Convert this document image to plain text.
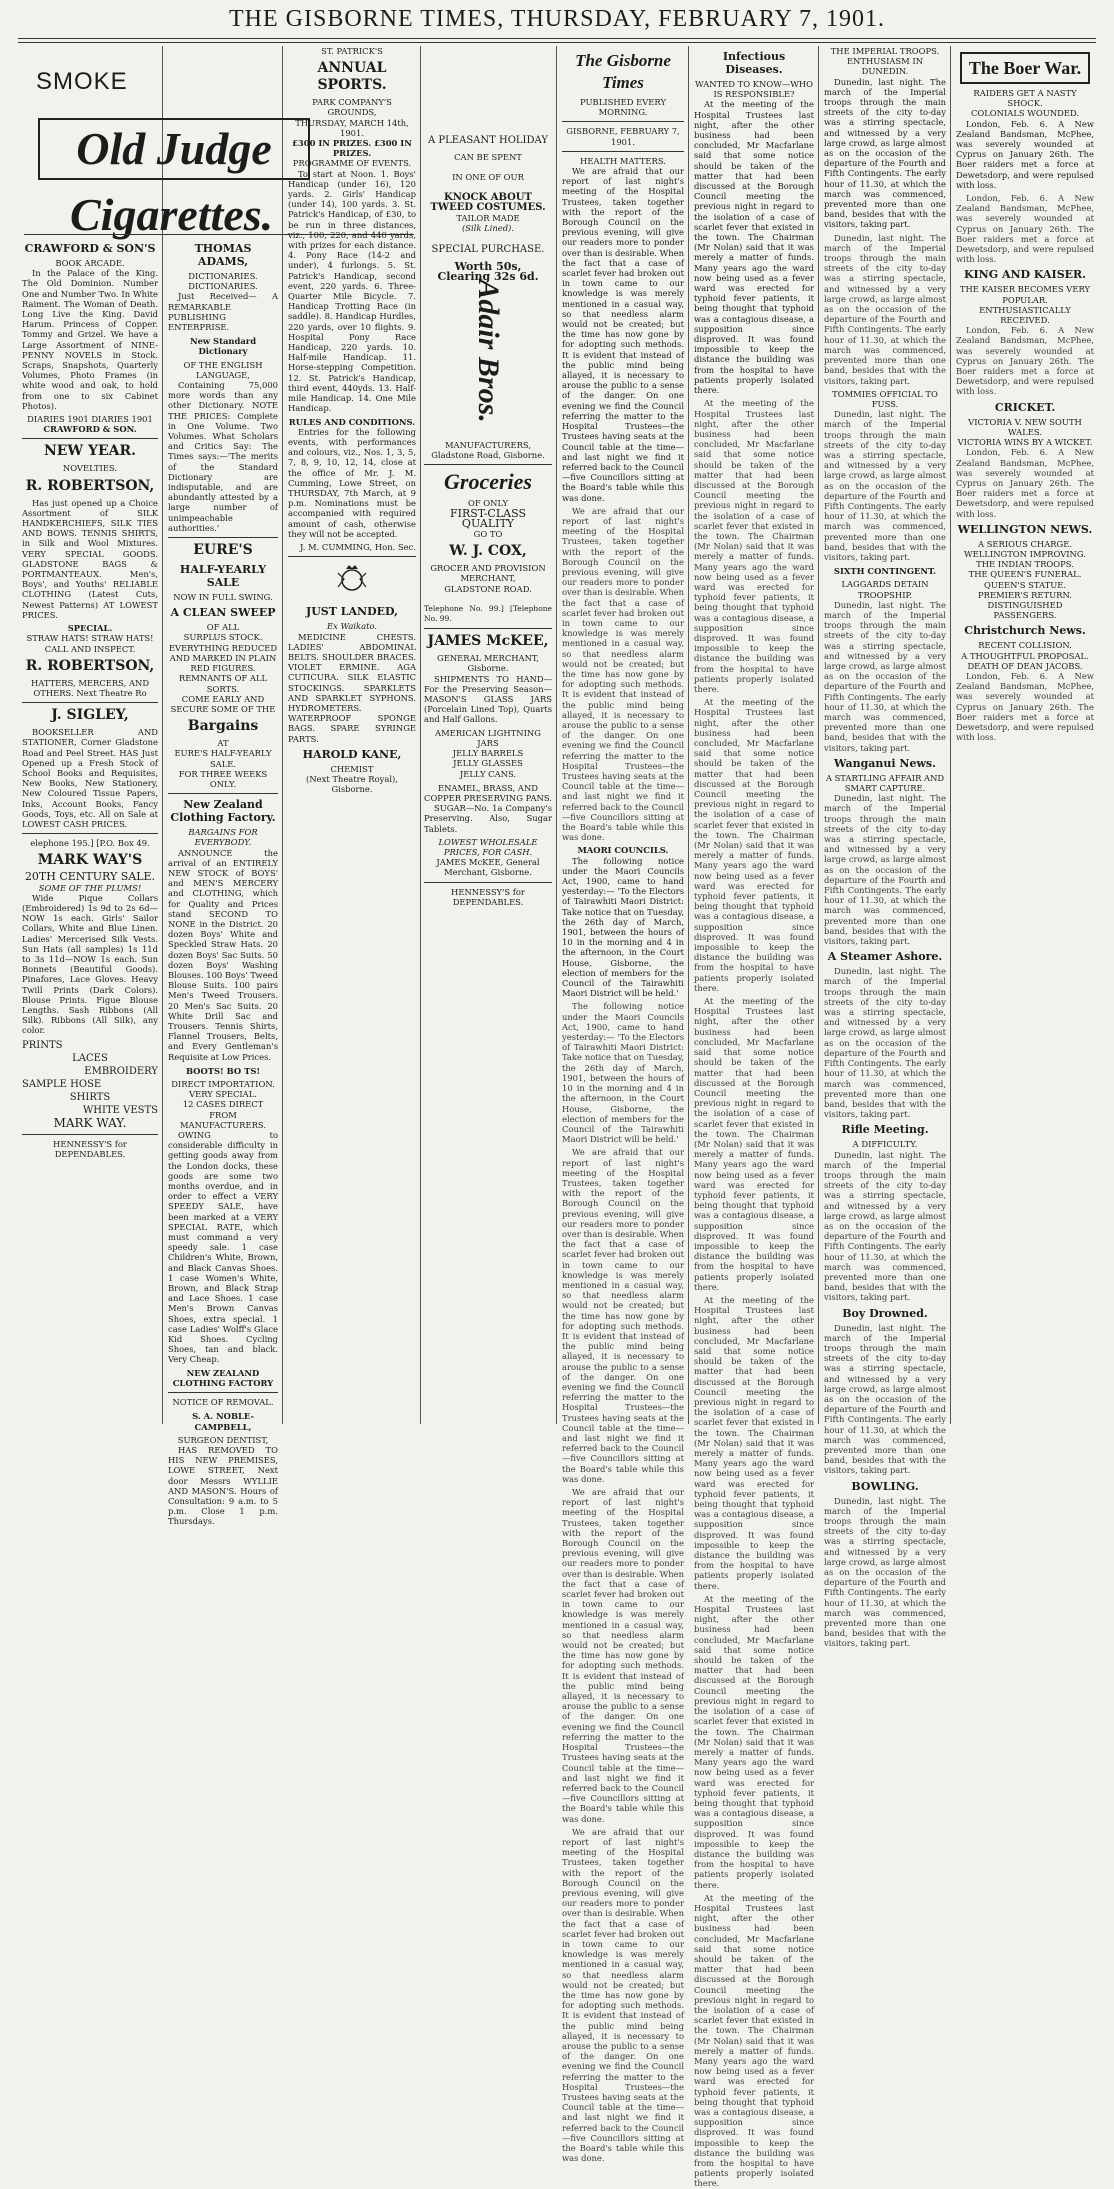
THE GISBORNE TIMES, THURSDAY, FEBRUARY 7, 1901.
SMOKE
Old Judge
Cigarettes.
CRAWFORD & SON'S
BOOK ARCADE.

In the Palace of the King. The Old Dominion. Number One and Number Two. In White Raiment. The Woman of Death. Long Live the King. David Harum. Princess of Copper. Tommy and Grizel. We have a Large Assortment of NINE-PENNY NOVELS in Stock. Scraps, Snapshots, Quarterly Volumes, Photo Frames (in white wood and oak, to hold from one to six Cabinet Photos).

DIARIES 1901 DIARIES 1901
CRAWFORD & SON.
NEW YEAR.
NOVELTIES.
R. ROBERTSON,

Has just opened up a Choice Assortment of SILK HANDKERCHIEFS, SILK TIES AND BOWS. TENNIS SHIRTS, in Silk and Wool Mixtures. VERY SPECIAL GOODS. GLADSTONE BAGS & PORTMANTEAUX. Men's, Boys', and Youths' RELIABLE CLOTHING (Latest Cuts, Newest Patterns) AT LOWEST PRICES.

SPECIAL.
STRAW HATS! STRAW HATS!
CALL AND INSPECT.
R. ROBERTSON,
HATTERS, MERCERS, AND OTHERS. Next Theatre Ro
J. SIGLEY,

BOOKSELLER AND STATIONER, Corner Gladstone Road and Peel Street. HAS Just Opened up a Fresh Stock of School Books and Requisites, New Books, New Stationery, New Coloured Tissue Papers, Inks, Account Books, Fancy Goods, Toys, etc. All on Sale at LOWEST CASH PRICES.

elephone 195.] [P.O. Box 49.
MARK WAY'S
20TH CENTURY SALE.
SOME OF THE PLUMS!

Wide Pique Collars (Embroidered) 1s 9d to 2s 6d—NOW 1s each. Girls' Sailor Collars, White and Blue Linen. Ladies' Mercerised Silk Vests. Sun Hats (all samples) 1s 11d to 3s 11d—NOW 1s each. Sun Bonnets (Beautiful Goods). Pinafores, Lace Gloves. Heavy Twill Prints (Dark Colors). Blouse Prints. Figue Blouse Lengths. Sash Ribbons (All Silk). Ribbons (All Silk), any color.

PRINTS
LACES
EMBROIDERY
SAMPLE HOSE
SHIRTS
WHITE VESTS
MARK WAY.
HENNESSY'S for DEPENDABLES.
THOMAS ADAMS,
DICTIONARIES. DICTIONARIES.

Just Received— A REMARKABLE PUBLISHING ENTERPRISE.

New Standard Dictionary
OF THE ENGLISH LANGUAGE,

Containing 75,000 more words than any other Dictionary. NOTE THE PRICES: Complete in One Volume. Two Volumes. What Scholars and Critics Say: The Times says:—'The merits of the Standard Dictionary are indisputable, and are abundantly attested by a large number of unimpeachable authorities.'

EURE'S
HALF-YEARLY SALE
NOW IN FULL SWING.
A CLEAN SWEEP
OF ALL
SURPLUS STOCK.
EVERYTHING REDUCED AND MARKED IN PLAIN RED FIGURES.
REMNANTS OF ALL SORTS.
COME EARLY AND SECURE SOME OF THE
Bargains
AT
EURE'S HALF-YEARLY SALE.
FOR THREE WEEKS ONLY.
New Zealand Clothing Factory.
BARGAINS FOR EVERYBODY.

ANNOUNCE the arrival of an ENTIRELY NEW STOCK of BOYS' and MEN'S MERCERY and CLOTHING, which for Quality and Prices stand SECOND TO NONE in the District. 20 dozen Boys' White and Speckled Straw Hats. 20 dozen Boys' Sac Suits. 50 dozen Boys' Washing Blouses. 100 Boys' Tweed Blouse Suits. 100 pairs Men's Tweed Trousers. 20 Men's Sac Suits. 20 White Drill Sac and Trousers. Tennis Shirts, Flannel Trousers, Belts, and Every Gentleman's Requisite at Low Prices.

BOOTS! BO TS!
DIRECT IMPORTATION. VERY SPECIAL.
12 CASES DIRECT FROM MANUFACTURERS.

OWING to considerable difficulty in getting goods away from the London docks, these goods are some two months overdue, and in order to effect a VERY SPEEDY SALE, have been marked at a VERY SPECIAL RATE, which must command a very speedy sale. 1 case Children's White, Brown, and Black Canvas Shoes. 1 case Women's White, Brown, and Black Strap and Lace Shoes. 1 case Men's Brown Canvas Shoes, extra special. 1 case Ladies' Wolff's Glace Kid Shoes. Cycling Shoes, tan and black. Very Cheap.

NEW ZEALAND CLOTHING FACTORY
NOTICE OF REMOVAL.
S. A. NOBLE-CAMPBELL,
SURGEON DENTIST,

HAS REMOVED TO HIS NEW PREMISES, LOWE STREET, Next door Messrs WYLLIE AND MASON'S. Hours of Consultation: 9 a.m. to 5 p.m. Close 1 p.m. Thursdays.

ST. PATRICK'S
ANNUAL SPORTS.
PARK COMPANY'S GROUNDS,
THURSDAY, MARCH 14th, 1901.
£300 IN PRIZES. £300 IN PRIZES.
PROGRAMME OF EVENTS.

To start at Noon. 1. Boys' Handicap (under 16), 120 yards. 2. Girls' Handicap (under 14), 100 yards. 3. St. Patrick's Handicap, of £30, to be run in three distances, viz., 100, 220, and 440 yards, with prizes for each distance. 4. Pony Race (14-2 and under), 4 furlongs. 5. St. Patrick's Handicap, second event, 220 yards. 6. Three-Quarter Mile Bicycle. 7. Handicap Trotting Race (in saddle). 8. Handicap Hurdles, 220 yards, over 10 flights. 9. Hospital Pony Race Handicap, 220 yards. 10. Half-mile Handicap. 11. Horse-stepping Competition. 12. St. Patrick's Handicap, third event, 440yds. 13. Half-mile Handicap. 14. One Mile Handicap.

RULES AND CONDITIONS.

Entries for the following events, with performances and colours, viz., Nos. 1, 3, 5, 7, 8, 9, 10, 12, 14, close at the office of Mr. J. M. Cumming, Lowe Street, on THURSDAY, 7th March, at 9 p.m. Nominations must be accompanied with required amount of cash, otherwise they will not be accepted.

J. M. CUMMING, Hon. Sec.
JUST LANDED,
Ex Waikato.

MEDICINE CHESTS. LADIES' ABDOMINAL BELTS. SHOULDER BRACES. VIOLET ERMINE. AGA CUTICURA. SILK ELASTIC STOCKINGS. SPARKLETS AND SPARKLET SYPHONS. HYDROMETERS. WATERPROOF SPONGE BAGS. SPARE SYRINGE PARTS.

HAROLD KANE,
CHEMIST
(Next Theatre Royal), Gisborne.
A PLEASANT HOLIDAY
CAN BE SPENT
IN ONE OF OUR
KNOCK ABOUT TWEED COSTUMES.
TAILOR MADE
(Silk Lined).
SPECIAL PURCHASE.
Worth 50s,
Clearing 32s 6d.
Adair Bros.
MANUFACTURERS,
Gladstone Road, Gisborne.
Groceries
OF ONLY
FIRST-CLASS
QUALITY
GO TO
W. J. COX,
GROCER AND PROVISION MERCHANT,
GLADSTONE ROAD.
Telephone No. 99.] [Telephone No. 99.
JAMES McKEE,
GENERAL MERCHANT, Gisborne.

SHIPMENTS TO HAND— For the Preserving Season— MASON'S GLASS JARS (Porcelain Lined Top), Quarts and Half Gallons.

AMERICAN LIGHTNING JARS
JELLY BARRELS
JELLY GLASSES
JELLY CANS.
ENAMEL, BRASS, AND COPPER PRESERVING PANS.

SUGAR—No. 1a Company's Preserving. Also, Sugar Tablets.

LOWEST WHOLESALE PRICES, FOR CASH.
JAMES McKEE, General Merchant, Gisborne.
HENNESSY'S for DEPENDABLES.
The Gisborne Times
PUBLISHED EVERY MORNING.
GISBORNE, FEBRUARY 7, 1901.
HEALTH MATTERS.

We are afraid that our report of last night's meeting of the Hospital Trustees, taken together with the report of the Borough Council on the previous evening, will give our readers more to ponder over than is desirable. When the fact that a case of scarlet fever had broken out in town came to our knowledge is was merely mentioned in a casual way, so that needless alarm would not be created; but the time has now gone by for adopting such methods. It is evident that instead of the public mind being allayed, it is necessary to arouse the public to a sense of the danger. On one evening we find the Council referring the matter to the Hospital Trustees—the Trustees having seats at the Council table at the time—and last night we find it referred back to the Council—five Councillors sitting at the Board's table while this was done.

We are afraid that our report of last night's meeting of the Hospital Trustees, taken together with the report of the Borough Council on the previous evening, will give our readers more to ponder over than is desirable. When the fact that a case of scarlet fever had broken out in town came to our knowledge is was merely mentioned in a casual way, so that needless alarm would not be created; but the time has now gone by for adopting such methods. It is evident that instead of the public mind being allayed, it is necessary to arouse the public to a sense of the danger. On one evening we find the Council referring the matter to the Hospital Trustees—the Trustees having seats at the Council table at the time—and last night we find it referred back to the Council—five Councillors sitting at the Board's table while this was done.

MAORI COUNCILS.

The following notice under the Maori Councils Act, 1900, came to hand yesterday:— 'To the Electors of Tairawhiti Maori District: Take notice that on Tuesday, the 26th day of March, 1901, between the hours of 10 in the morning and 4 in the afternoon, in the Court House, Gisborne, the election of members for the Council of the Tairawhiti Maori District will be held.'

The following notice under the Maori Councils Act, 1900, came to hand yesterday:— 'To the Electors of Tairawhiti Maori District: Take notice that on Tuesday, the 26th day of March, 1901, between the hours of 10 in the morning and 4 in the afternoon, in the Court House, Gisborne, the election of members for the Council of the Tairawhiti Maori District will be held.'

We are afraid that our report of last night's meeting of the Hospital Trustees, taken together with the report of the Borough Council on the previous evening, will give our readers more to ponder over than is desirable. When the fact that a case of scarlet fever had broken out in town came to our knowledge is was merely mentioned in a casual way, so that needless alarm would not be created; but the time has now gone by for adopting such methods. It is evident that instead of the public mind being allayed, it is necessary to arouse the public to a sense of the danger. On one evening we find the Council referring the matter to the Hospital Trustees—the Trustees having seats at the Council table at the time—and last night we find it referred back to the Council—five Councillors sitting at the Board's table while this was done.

We are afraid that our report of last night's meeting of the Hospital Trustees, taken together with the report of the Borough Council on the previous evening, will give our readers more to ponder over than is desirable. When the fact that a case of scarlet fever had broken out in town came to our knowledge is was merely mentioned in a casual way, so that needless alarm would not be created; but the time has now gone by for adopting such methods. It is evident that instead of the public mind being allayed, it is necessary to arouse the public to a sense of the danger. On one evening we find the Council referring the matter to the Hospital Trustees—the Trustees having seats at the Council table at the time—and last night we find it referred back to the Council—five Councillors sitting at the Board's table while this was done.

We are afraid that our report of last night's meeting of the Hospital Trustees, taken together with the report of the Borough Council on the previous evening, will give our readers more to ponder over than is desirable. When the fact that a case of scarlet fever had broken out in town came to our knowledge is was merely mentioned in a casual way, so that needless alarm would not be created; but the time has now gone by for adopting such methods. It is evident that instead of the public mind being allayed, it is necessary to arouse the public to a sense of the danger. On one evening we find the Council referring the matter to the Hospital Trustees—the Trustees having seats at the Council table at the time—and last night we find it referred back to the Council—five Councillors sitting at the Board's table while this was done.

Infectious Diseases.
WANTED TO KNOW—WHO IS RESPONSIBLE?

At the meeting of the Hospital Trustees last night, after the other business had been concluded, Mr Macfarlane said that some notice should be taken of the matter that had been discussed at the Borough Council meeting the previous night in regard to the isolation of a case of scarlet fever that existed in the town. The Chairman (Mr Nolan) said that it was merely a matter of funds. Many years ago the ward now being used as a fever ward was erected for typhoid fever patients, it being thought that typhoid was a contagious disease, a supposition since disproved. It was found impossible to keep the distance the building was from the hospital to have patients properly isolated there.

At the meeting of the Hospital Trustees last night, after the other business had been concluded, Mr Macfarlane said that some notice should be taken of the matter that had been discussed at the Borough Council meeting the previous night in regard to the isolation of a case of scarlet fever that existed in the town. The Chairman (Mr Nolan) said that it was merely a matter of funds. Many years ago the ward now being used as a fever ward was erected for typhoid fever patients, it being thought that typhoid was a contagious disease, a supposition since disproved. It was found impossible to keep the distance the building was from the hospital to have patients properly isolated there.

At the meeting of the Hospital Trustees last night, after the other business had been concluded, Mr Macfarlane said that some notice should be taken of the matter that had been discussed at the Borough Council meeting the previous night in regard to the isolation of a case of scarlet fever that existed in the town. The Chairman (Mr Nolan) said that it was merely a matter of funds. Many years ago the ward now being used as a fever ward was erected for typhoid fever patients, it being thought that typhoid was a contagious disease, a supposition since disproved. It was found impossible to keep the distance the building was from the hospital to have patients properly isolated there.

At the meeting of the Hospital Trustees last night, after the other business had been concluded, Mr Macfarlane said that some notice should be taken of the matter that had been discussed at the Borough Council meeting the previous night in regard to the isolation of a case of scarlet fever that existed in the town. The Chairman (Mr Nolan) said that it was merely a matter of funds. Many years ago the ward now being used as a fever ward was erected for typhoid fever patients, it being thought that typhoid was a contagious disease, a supposition since disproved. It was found impossible to keep the distance the building was from the hospital to have patients properly isolated there.

At the meeting of the Hospital Trustees last night, after the other business had been concluded, Mr Macfarlane said that some notice should be taken of the matter that had been discussed at the Borough Council meeting the previous night in regard to the isolation of a case of scarlet fever that existed in the town. The Chairman (Mr Nolan) said that it was merely a matter of funds. Many years ago the ward now being used as a fever ward was erected for typhoid fever patients, it being thought that typhoid was a contagious disease, a supposition since disproved. It was found impossible to keep the distance the building was from the hospital to have patients properly isolated there.

At the meeting of the Hospital Trustees last night, after the other business had been concluded, Mr Macfarlane said that some notice should be taken of the matter that had been discussed at the Borough Council meeting the previous night in regard to the isolation of a case of scarlet fever that existed in the town. The Chairman (Mr Nolan) said that it was merely a matter of funds. Many years ago the ward now being used as a fever ward was erected for typhoid fever patients, it being thought that typhoid was a contagious disease, a supposition since disproved. It was found impossible to keep the distance the building was from the hospital to have patients properly isolated there.

At the meeting of the Hospital Trustees last night, after the other business had been concluded, Mr Macfarlane said that some notice should be taken of the matter that had been discussed at the Borough Council meeting the previous night in regard to the isolation of a case of scarlet fever that existed in the town. The Chairman (Mr Nolan) said that it was merely a matter of funds. Many years ago the ward now being used as a fever ward was erected for typhoid fever patients, it being thought that typhoid was a contagious disease, a supposition since disproved. It was found impossible to keep the distance the building was from the hospital to have patients properly isolated there.

THE IMPERIAL TROOPS.
ENTHUSIASM IN DUNEDIN.

Dunedin, last night. The march of the Imperial troops through the main streets of the city to-day was a stirring spectacle, and witnessed by a very large crowd, as large almost as on the occasion of the departure of the Fourth and Fifth Contingents. The early hour of 11.30, at which the march was commenced, prevented more than one band, besides that with the visitors, taking part.

Dunedin, last night. The march of the Imperial troops through the main streets of the city to-day was a stirring spectacle, and witnessed by a very large crowd, as large almost as on the occasion of the departure of the Fourth and Fifth Contingents. The early hour of 11.30, at which the march was commenced, prevented more than one band, besides that with the visitors, taking part.

TOMMIES OFFICIAL TO FUSS.

Dunedin, last night. The march of the Imperial troops through the main streets of the city to-day was a stirring spectacle, and witnessed by a very large crowd, as large almost as on the occasion of the departure of the Fourth and Fifth Contingents. The early hour of 11.30, at which the march was commenced, prevented more than one band, besides that with the visitors, taking part.

SIXTH CONTINGENT.
LAGGARDS DETAIN TROOPSHIP.

Dunedin, last night. The march of the Imperial troops through the main streets of the city to-day was a stirring spectacle, and witnessed by a very large crowd, as large almost as on the occasion of the departure of the Fourth and Fifth Contingents. The early hour of 11.30, at which the march was commenced, prevented more than one band, besides that with the visitors, taking part.

Wanganui News.
A STARTLING AFFAIR AND SMART CAPTURE.

Dunedin, last night. The march of the Imperial troops through the main streets of the city to-day was a stirring spectacle, and witnessed by a very large crowd, as large almost as on the occasion of the departure of the Fourth and Fifth Contingents. The early hour of 11.30, at which the march was commenced, prevented more than one band, besides that with the visitors, taking part.

A Steamer Ashore.

Dunedin, last night. The march of the Imperial troops through the main streets of the city to-day was a stirring spectacle, and witnessed by a very large crowd, as large almost as on the occasion of the departure of the Fourth and Fifth Contingents. The early hour of 11.30, at which the march was commenced, prevented more than one band, besides that with the visitors, taking part.

Rifle Meeting.
A DIFFICULTY.

Dunedin, last night. The march of the Imperial troops through the main streets of the city to-day was a stirring spectacle, and witnessed by a very large crowd, as large almost as on the occasion of the departure of the Fourth and Fifth Contingents. The early hour of 11.30, at which the march was commenced, prevented more than one band, besides that with the visitors, taking part.

Boy Drowned.

Dunedin, last night. The march of the Imperial troops through the main streets of the city to-day was a stirring spectacle, and witnessed by a very large crowd, as large almost as on the occasion of the departure of the Fourth and Fifth Contingents. The early hour of 11.30, at which the march was commenced, prevented more than one band, besides that with the visitors, taking part.

BOWLING.

Dunedin, last night. The march of the Imperial troops through the main streets of the city to-day was a stirring spectacle, and witnessed by a very large crowd, as large almost as on the occasion of the departure of the Fourth and Fifth Contingents. The early hour of 11.30, at which the march was commenced, prevented more than one band, besides that with the visitors, taking part.

The Boer War.
RAIDERS GET A NASTY SHOCK.
COLONIALS WOUNDED.

London, Feb. 6. A New Zealand Bandsman, McPhee, was severely wounded at Cyprus on January 26th. The Boer raiders met a force at Dewetsdorp, and were repulsed with loss.

London, Feb. 6. A New Zealand Bandsman, McPhee, was severely wounded at Cyprus on January 26th. The Boer raiders met a force at Dewetsdorp, and were repulsed with loss.

KING AND KAISER.
THE KAISER BECOMES VERY POPULAR.
ENTHUSIASTICALLY RECEIVED.

London, Feb. 6. A New Zealand Bandsman, McPhee, was severely wounded at Cyprus on January 26th. The Boer raiders met a force at Dewetsdorp, and were repulsed with loss.

CRICKET.
VICTORIA V. NEW SOUTH WALES.
VICTORIA WINS BY A WICKET.

London, Feb. 6. A New Zealand Bandsman, McPhee, was severely wounded at Cyprus on January 26th. The Boer raiders met a force at Dewetsdorp, and were repulsed with loss.

WELLINGTON NEWS.
A SERIOUS CHARGE.
WELLINGTON IMPROVING.
THE INDIAN TROOPS.
THE QUEEN'S FUNERAL.
QUEEN'S STATUE.
PREMIER'S RETURN.
DISTINGUISHED PASSENGERS.
Christchurch News.
RECENT COLLISION.
A THOUGHTFUL PROPOSAL.
DEATH OF DEAN JACOBS.

London, Feb. 6. A New Zealand Bandsman, McPhee, was severely wounded at Cyprus on January 26th. The Boer raiders met a force at Dewetsdorp, and were repulsed with loss.
